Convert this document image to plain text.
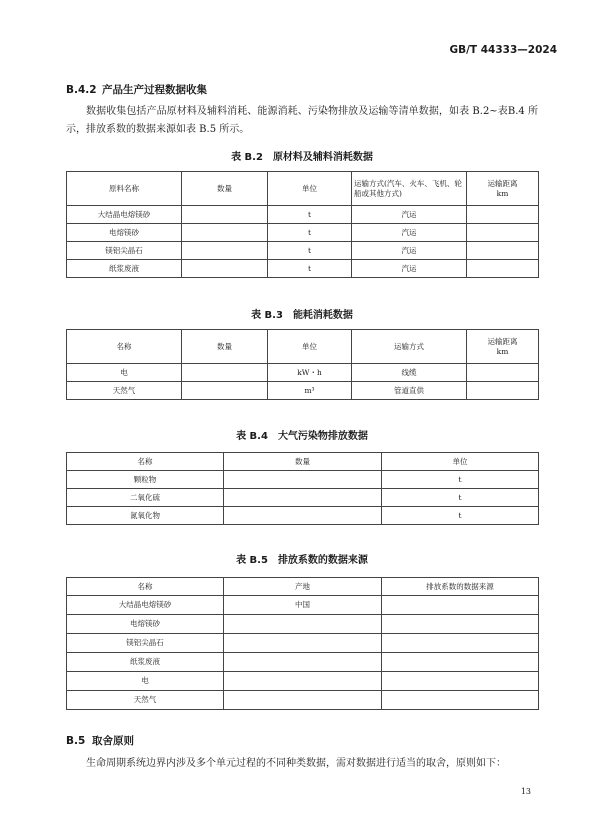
GB/T 44333—2024
B.4.2 产品生产过程数据收集
数据收集包括产品原材料及辅料消耗、能源消耗、污染物排放及运输等清单数据，如表 B.2~表B.4 所示，排放系数的数据来源如表 B.5 所示。
表 B.2 原材料及辅料消耗数据
原料名称	数量	单位	运输方式(汽车、火车、飞机、轮船或其他方式)	运输距离
km
大结晶电熔镁砂		t	汽运	
电熔镁砂		t	汽运	
镁铝尖晶石		t	汽运	
纸浆废液		t	汽运	
表 B.3 能耗消耗数据
名称	数量	单位	运输方式	运输距离
km
电		kW・h	线缆	
天然气		m³	管道直供	
表 B.4 大气污染物排放数据
名称	数量	单位
颗粒物		t
二氧化硫		t
氮氧化物		t
表 B.5 排放系数的数据来源
名称	产地	排放系数的数据来源
大结晶电熔镁砂	中国	
电熔镁砂		
镁铝尖晶石		
纸浆废液		
电		
天然气		
B.5 取舍原则
生命周期系统边界内涉及多个单元过程的不同种类数据，需对数据进行适当的取舍，原则如下：
13
